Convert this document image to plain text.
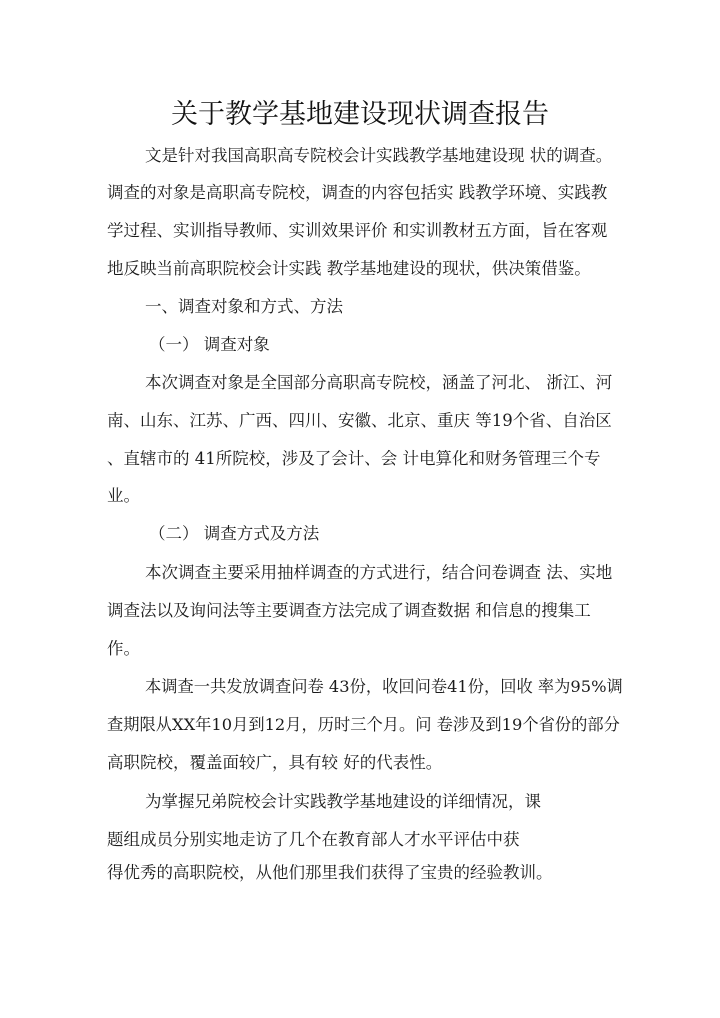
关于教学基地建设现状调查报告
文是针对我国高职高专院校会计实践教学基地建设现 状的调查。
调查的对象是高职高专院校，调查的内容包括实 践教学环境、实践教
学过程、实训指导教师、实训效果评价 和实训教材五方面，旨在客观
地反映当前高职院校会计实践 教学基地建设的现状，供决策借鉴。
一、调查对象和方式、方法
（一） 调查对象
本次调查对象是全国部分高职高专院校，涵盖了河北、 浙江、河
南、山东、江苏、广西、四川、安徽、北京、重庆 等19个省、自治区
、直辖市的 41所院校，涉及了会计、会 计电算化和财务管理三个专
业。
（二） 调查方式及方法
本次调查主要采用抽样调查的方式进行，结合问卷调查 法、实地
调查法以及询问法等主要调查方法完成了调查数据 和信息的搜集工
作。
本调查一共发放调查问卷 43份，收回问卷41份，回收 率为95%调
查期限从XX年10月到12月，历时三个月。问 卷涉及到19个省份的部分
高职院校，覆盖面较广，具有较 好的代表性。
为掌握兄弟院校会计实践教学基地建设的详细情况，课
题组成员分别实地走访了几个在教育部人才水平评估中获
得优秀的高职院校，从他们那里我们获得了宝贵的经验教训。
